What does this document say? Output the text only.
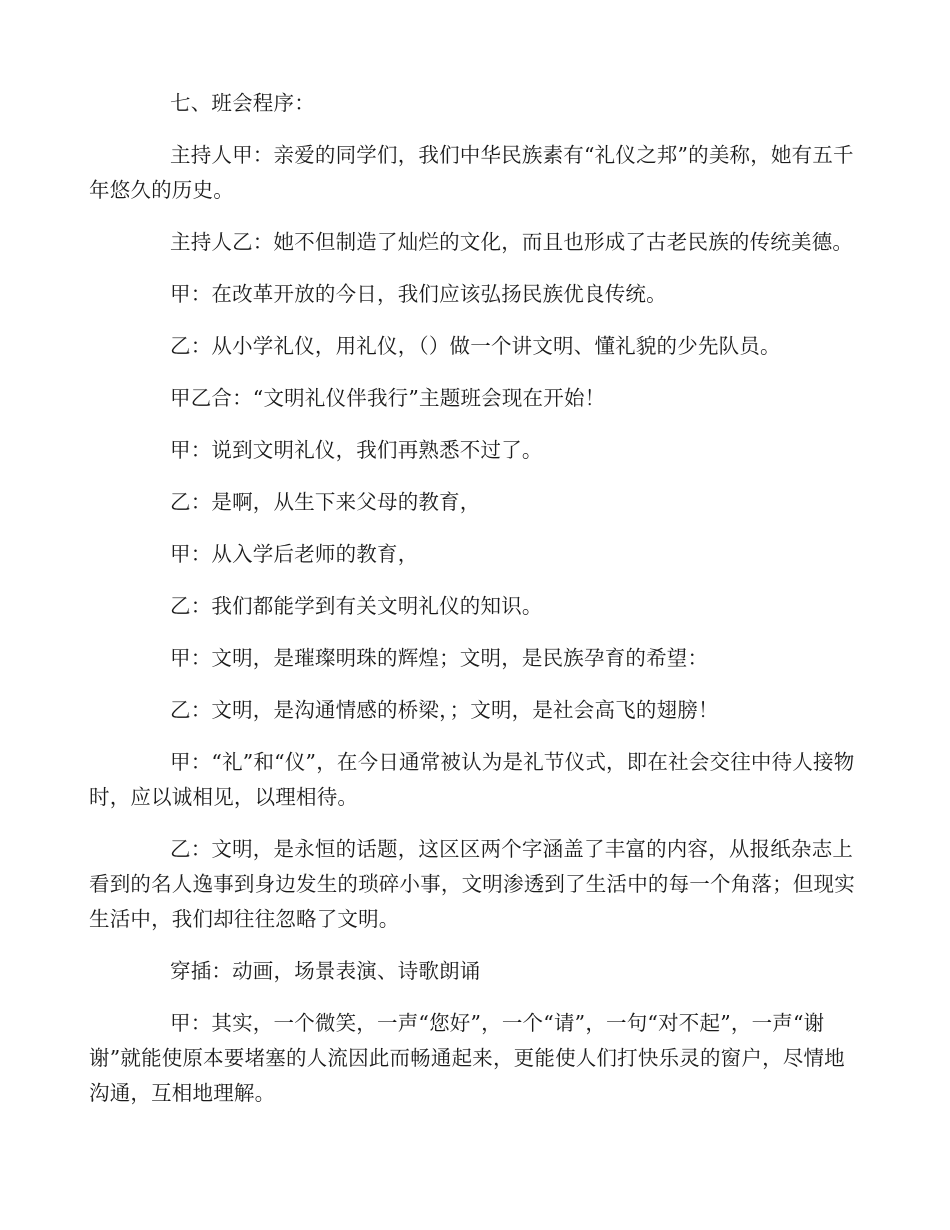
七、班会程序：

主持人甲：亲爱的同学们，我们中华民族素有“礼仪之邦”的美称，她有五千年悠久的历史。

主持人乙：她不但制造了灿烂的文化，而且也形成了古老民族的传统美德。

甲：在改革开放的今日，我们应该弘扬民族优良传统。

乙：从小学礼仪，用礼仪，（）做一个讲文明、懂礼貌的少先队员。

甲乙合：“文明礼仪伴我行”主题班会现在开始！

甲：说到文明礼仪，我们再熟悉不过了。

乙：是啊，从生下来父母的教育，

甲：从入学后老师的教育，

乙：我们都能学到有关文明礼仪的知识。

甲：文明，是璀璨明珠的辉煌；文明，是民族孕育的希望：

乙：文明，是沟通情感的桥梁，；文明，是社会高飞的翅膀！

甲：“礼”和“仪”，在今日通常被认为是礼节仪式，即在社会交往中待人接物时，应以诚相见，以理相待。

乙：文明，是永恒的话题，这区区两个字涵盖了丰富的内容，从报纸杂志上看到的名人逸事到身边发生的琐碎小事，文明渗透到了生活中的每一个角落；但现实生活中，我们却往往忽略了文明。

穿插：动画，场景表演、诗歌朗诵

甲：其实，一个微笑，一声“您好”，一个“请”，一句“对不起”，一声“谢谢”就能使原本要堵塞的人流因此而畅通起来，更能使人们打快乐灵的窗户，尽情地沟通，互相地理解。
